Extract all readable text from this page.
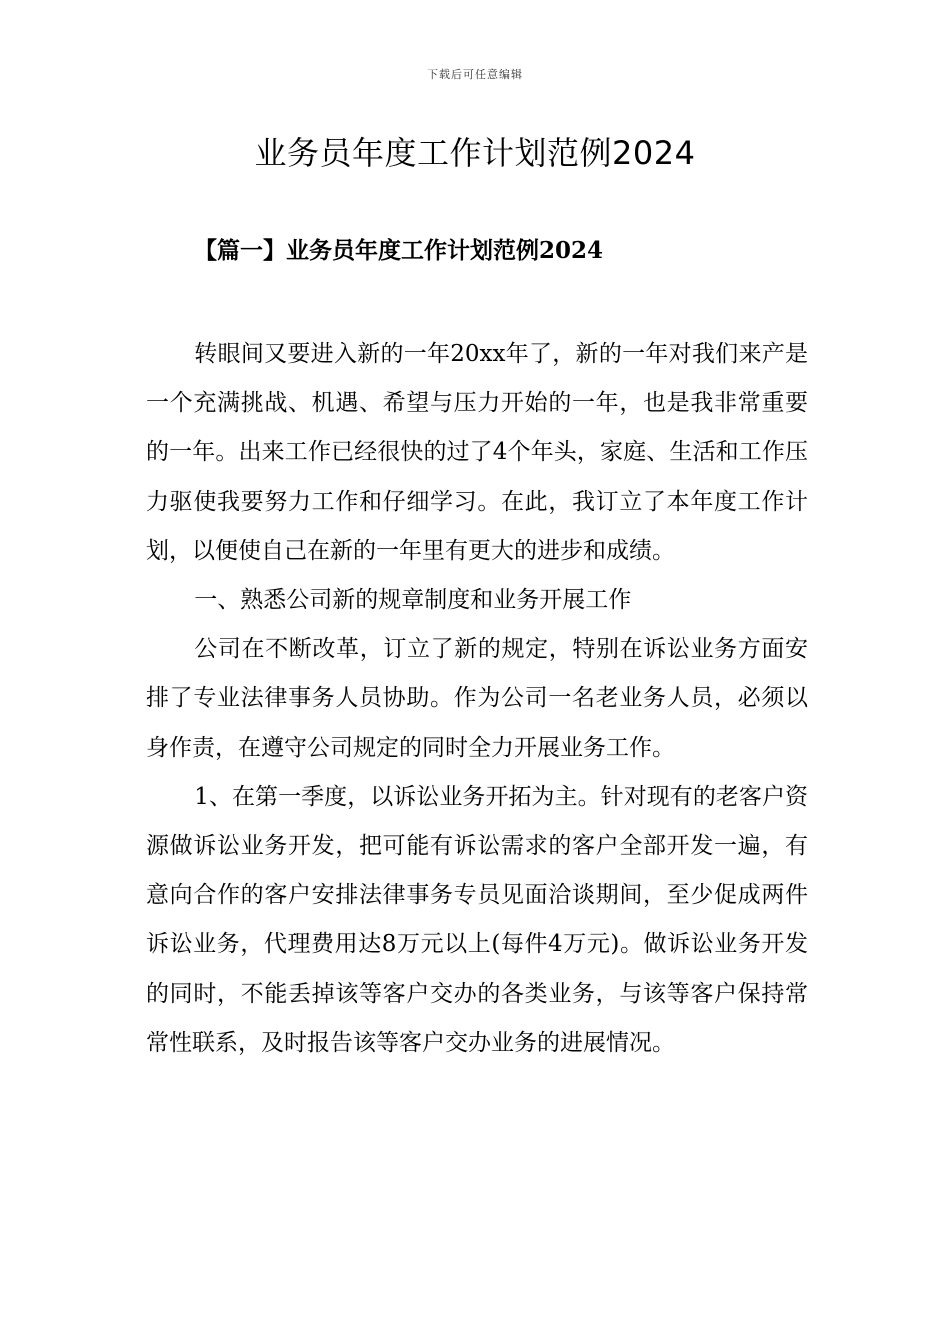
下载后可任意编辑
业务员年度工作计划范例2024
【篇一】业务员年度工作计划范例2024

转眼间又要进入新的一年20xx年了，新的一年对我们来产是一个充满挑战、机遇、希望与压力开始的一年，也是我非常重要的一年。出来工作已经很快的过了4个年头，家庭、生活和工作压力驱使我要努力工作和仔细学习。在此，我订立了本年度工作计划，以便使自己在新的一年里有更大的进步和成绩。

一、熟悉公司新的规章制度和业务开展工作

公司在不断改革，订立了新的规定，特别在诉讼业务方面安排了专业法律事务人员协助。作为公司一名老业务人员，必须以身作责，在遵守公司规定的同时全力开展业务工作。

1、在第一季度，以诉讼业务开拓为主。针对现有的老客户资源做诉讼业务开发，把可能有诉讼需求的客户全部开发一遍，有意向合作的客户安排法律事务专员见面洽谈期间，至少促成两件诉讼业务，代理费用达8万元以上(每件4万元)。做诉讼业务开发的同时，不能丢掉该等客户交办的各类业务，与该等客户保持常常性联系，及时报告该等客户交办业务的进展情况。
